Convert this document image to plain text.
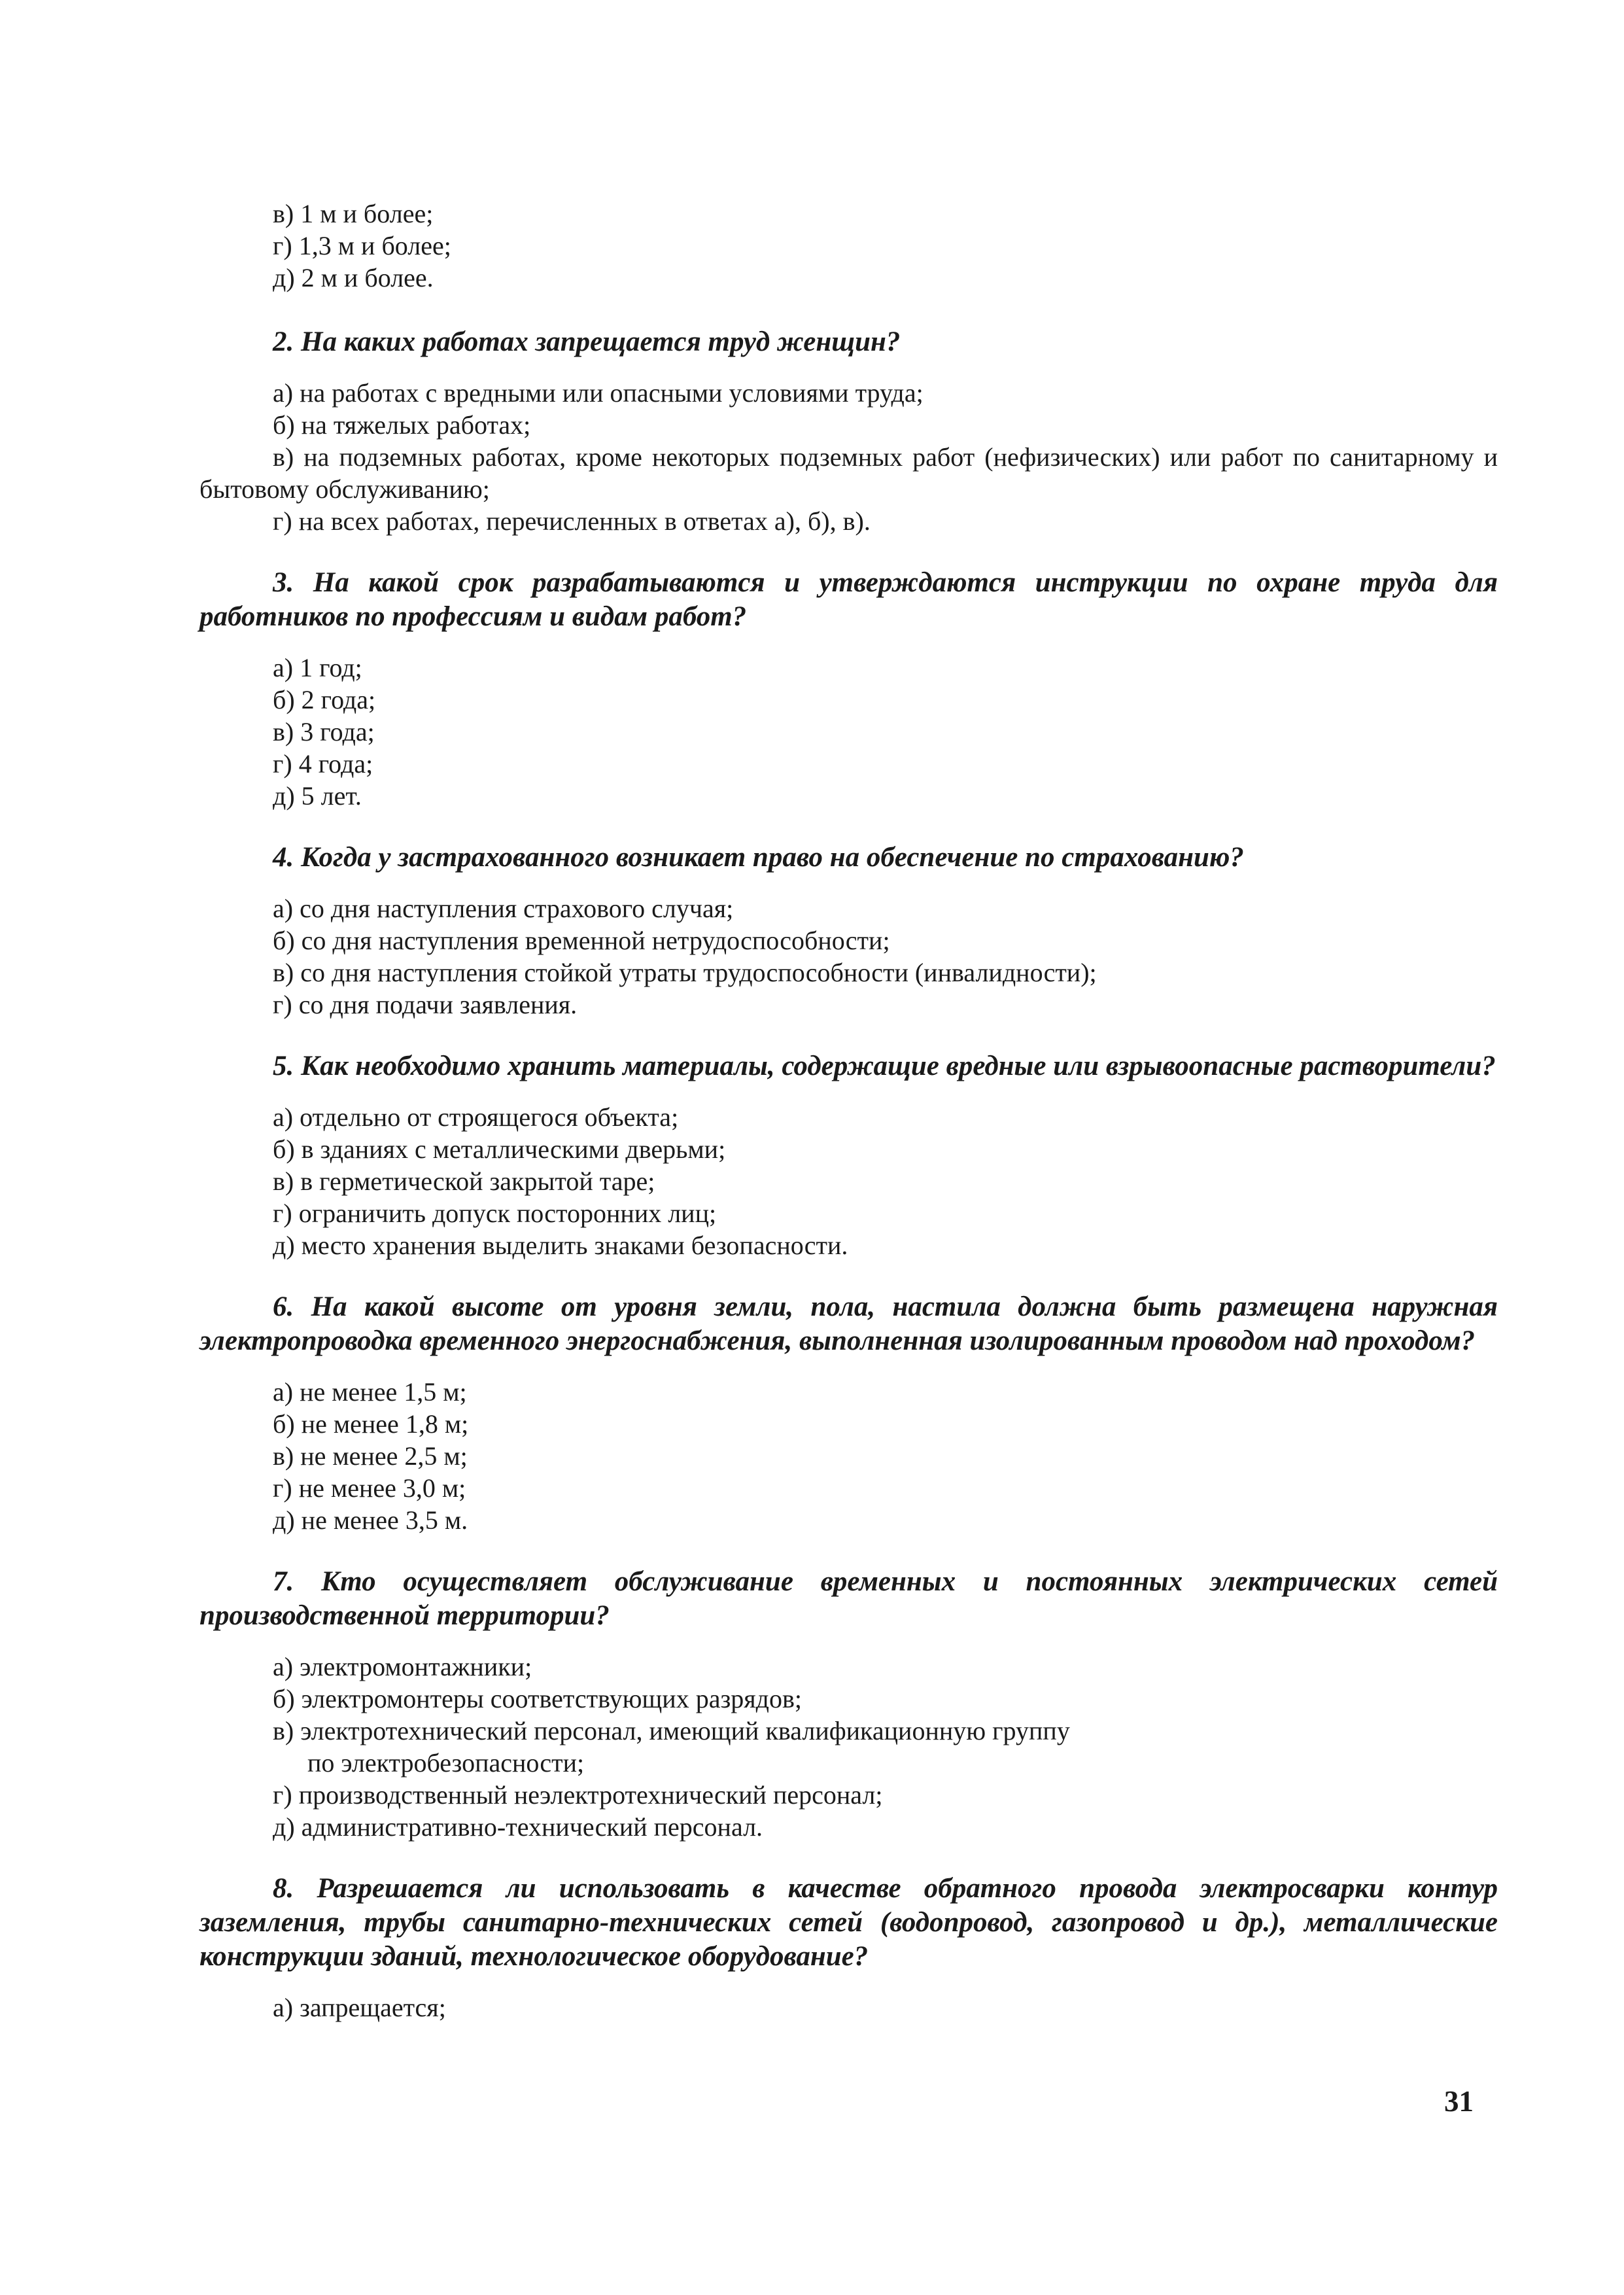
в) 1 м и более;
г) 1,3 м и более;
д) 2 м и более.
2. На каких работах запрещается труд женщин?
а) на работах с вредными или опасными условиями труда;
б) на тяжелых работах;
в) на подземных работах, кроме некоторых подземных работ (нефизических) или работ по санитарному и бытовому обслуживанию;
г) на всех работах, перечисленных в ответах а), б), в).
3. На какой срок разрабатываются и утверждаются инструкции по охране труда для работников по профессиям и видам работ?
а) 1 год;
б) 2 года;
в) 3 года;
г) 4 года;
д) 5 лет.
4. Когда у застрахованного возникает право на обеспечение по страхованию?
а) со дня наступления страхового случая;
б) со дня наступления временной нетрудоспособности;
в) со дня наступления стойкой утраты трудоспособности (инвалидности);
г) со дня подачи заявления.
5. Как необходимо хранить материалы, содержащие вредные или взрывоопасные растворители?
а) отдельно от строящегося объекта;
б) в зданиях с металлическими дверьми;
в) в герметической закрытой таре;
г) ограничить допуск посторонних лиц;
д) место хранения выделить знаками безопасности.
6. На какой высоте от уровня земли, пола, настила должна быть размещена наружная электропроводка временного энергоснабжения, выполненная изолированным проводом над проходом?
а) не менее 1,5 м;
б) не менее 1,8 м;
в) не менее 2,5 м;
г) не менее 3,0 м;
д) не менее 3,5 м.
7. Кто осуществляет обслуживание временных и постоянных электрических сетей производственной территории?
а) электромонтажники;
б) электромонтеры соответствующих разрядов;
в) электротехнический персонал, имеющий квалификационную группу
по электробезопасности;
г) производственный неэлектротехнический персонал;
д) административно-технический персонал.
8. Разрешается ли использовать в качестве обратного провода электросварки контур заземления, трубы санитарно-технических сетей (водопровод, газопровод и др.), металлические конструкции зданий, технологическое оборудование?
а) запрещается;
31
